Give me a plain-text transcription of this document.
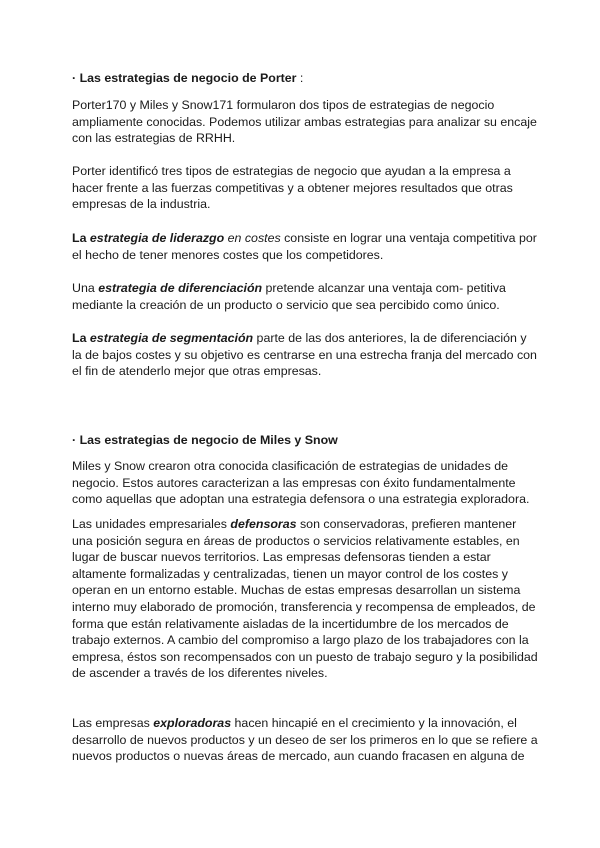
· Las estrategias de negocio de Porter :

Porter170 y Miles y Snow171 formularon dos tipos de estrategias de negocio
ampliamente conocidas. Podemos utilizar ambas estrategias para analizar su encaje
con las estrategias de RRHH.

Porter identificó tres tipos de estrategias de negocio que ayudan a la empresa a
hacer frente a las fuerzas competitivas y a obtener mejores resultados que otras
empresas de la industria.

La estrategia de liderazgo en costes consiste en lograr una ventaja competitiva por
el hecho de tener menores costes que los competidores.

Una estrategia de diferenciación pretende alcanzar una ventaja com- petitiva
mediante la creación de un producto o servicio que sea percibido como único.

La estrategia de segmentación parte de las dos anteriores, la de diferenciación y
la de bajos costes y su objetivo es centrarse en una estrecha franja del mercado con
el fin de atenderlo mejor que otras empresas.

· Las estrategias de negocio de Miles y Snow

Miles y Snow crearon otra conocida clasificación de estrategias de unidades de
negocio. Estos autores caracterizan a las empresas con éxito fundamentalmente
como aquellas que adoptan una estrategia defensora o una estrategia exploradora.

Las unidades empresariales defensoras son conservadoras, prefieren mantener
una posición segura en áreas de productos o servicios relativamente estables, en
lugar de buscar nuevos territorios. Las empresas defensoras tienden a estar
altamente formalizadas y centralizadas, tienen un mayor control de los costes y
operan en un entorno estable. Muchas de estas empresas desarrollan un sistema
interno muy elaborado de promoción, transferencia y recompensa de empleados, de
forma que están relativamente aisladas de la incertidumbre de los mercados de
trabajo externos. A cambio del compromiso a largo plazo de los trabajadores con la
empresa, éstos son recompensados con un puesto de trabajo seguro y la posibilidad
de ascender a través de los diferentes niveles.

Las empresas exploradoras hacen hincapié en el crecimiento y la innovación, el
desarrollo de nuevos productos y un deseo de ser los primeros en lo que se refiere a
nuevos productos o nuevas áreas de mercado, aun cuando fracasen en alguna de
